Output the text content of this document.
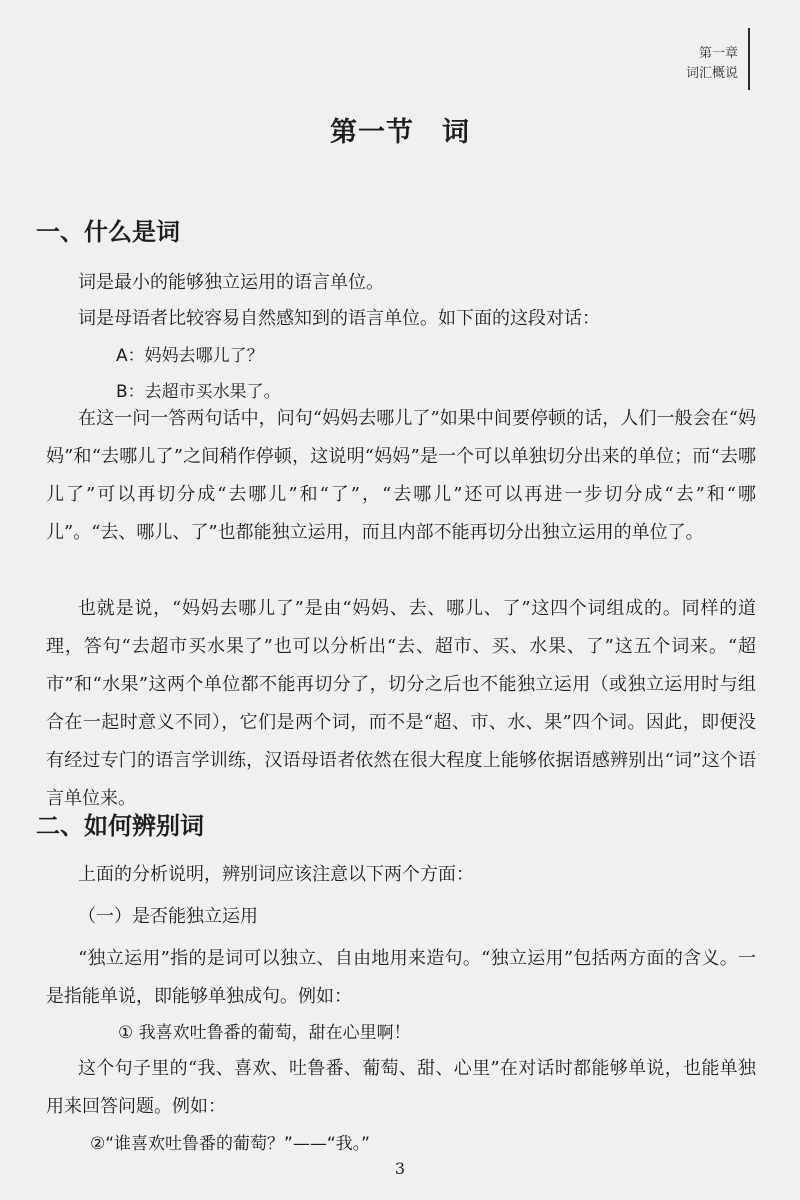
第一章
词汇概说
第一节　词
一、什么是词
词是最小的能够独立运用的语言单位。
词是母语者比较容易自然感知到的语言单位。如下面的这段对话：
A：妈妈去哪儿了？
B：去超市买水果了。
在这一问一答两句话中，问句“妈妈去哪儿了”如果中间要停顿的话，人们一般会在“妈妈”和“去哪儿了”之间稍作停顿，这说明“妈妈”是一个可以单独切分出来的单位；而“去哪儿了”可以再切分成“去哪儿”和“了”，“去哪儿”还可以再进一步切分成“去”和“哪儿”。“去、哪儿、了”也都能独立运用，而且内部不能再切分出独立运用的单位了。
也就是说，“妈妈去哪儿了”是由“妈妈、去、哪儿、了”这四个词组成的。同样的道理，答句“去超市买水果了”也可以分析出“去、超市、买、水果、了”这五个词来。“超市”和“水果”这两个单位都不能再切分了，切分之后也不能独立运用（或独立运用时与组合在一起时意义不同），它们是两个词，而不是“超、市、水、果”四个词。因此，即便没有经过专门的语言学训练，汉语母语者依然在很大程度上能够依据语感辨别出“词”这个语言单位来。
二、如何辨别词
上面的分析说明，辨别词应该注意以下两个方面：
（一）是否能独立运用
“独立运用”指的是词可以独立、自由地用来造句。“独立运用”包括两方面的含义。一是指能单说，即能够单独成句。例如：
① 我喜欢吐鲁番的葡萄，甜在心里啊！
这个句子里的“我、喜欢、吐鲁番、葡萄、甜、心里”在对话时都能够单说，也能单独用来回答问题。例如：
②“谁喜欢吐鲁番的葡萄？”——“我。”
3
